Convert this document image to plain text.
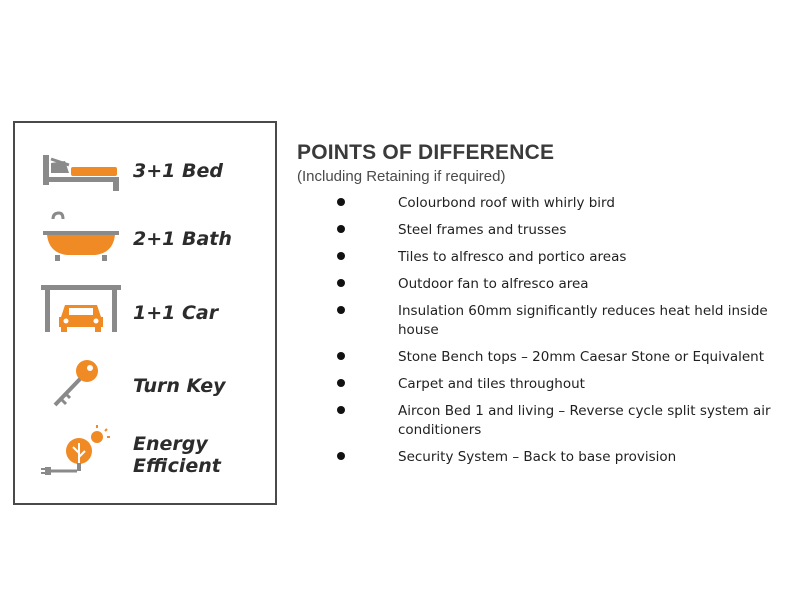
3+1 Bed
2+1 Bath
1+1 Car
Turn Key
Energy
Efficient
POINTS OF DIFFERENCE
(Including Retaining if required)
Colourbond roof with whirly bird
Steel frames and trusses
Tiles to alfresco and portico areas
Outdoor fan to alfresco area
Insulation 60mm significantly reduces heat held inside house
Stone Bench tops – 20mm Caesar Stone or Equivalent
Carpet and tiles throughout
Aircon Bed 1 and living – Reverse cycle split system air conditioners
Security System – Back to base provision
